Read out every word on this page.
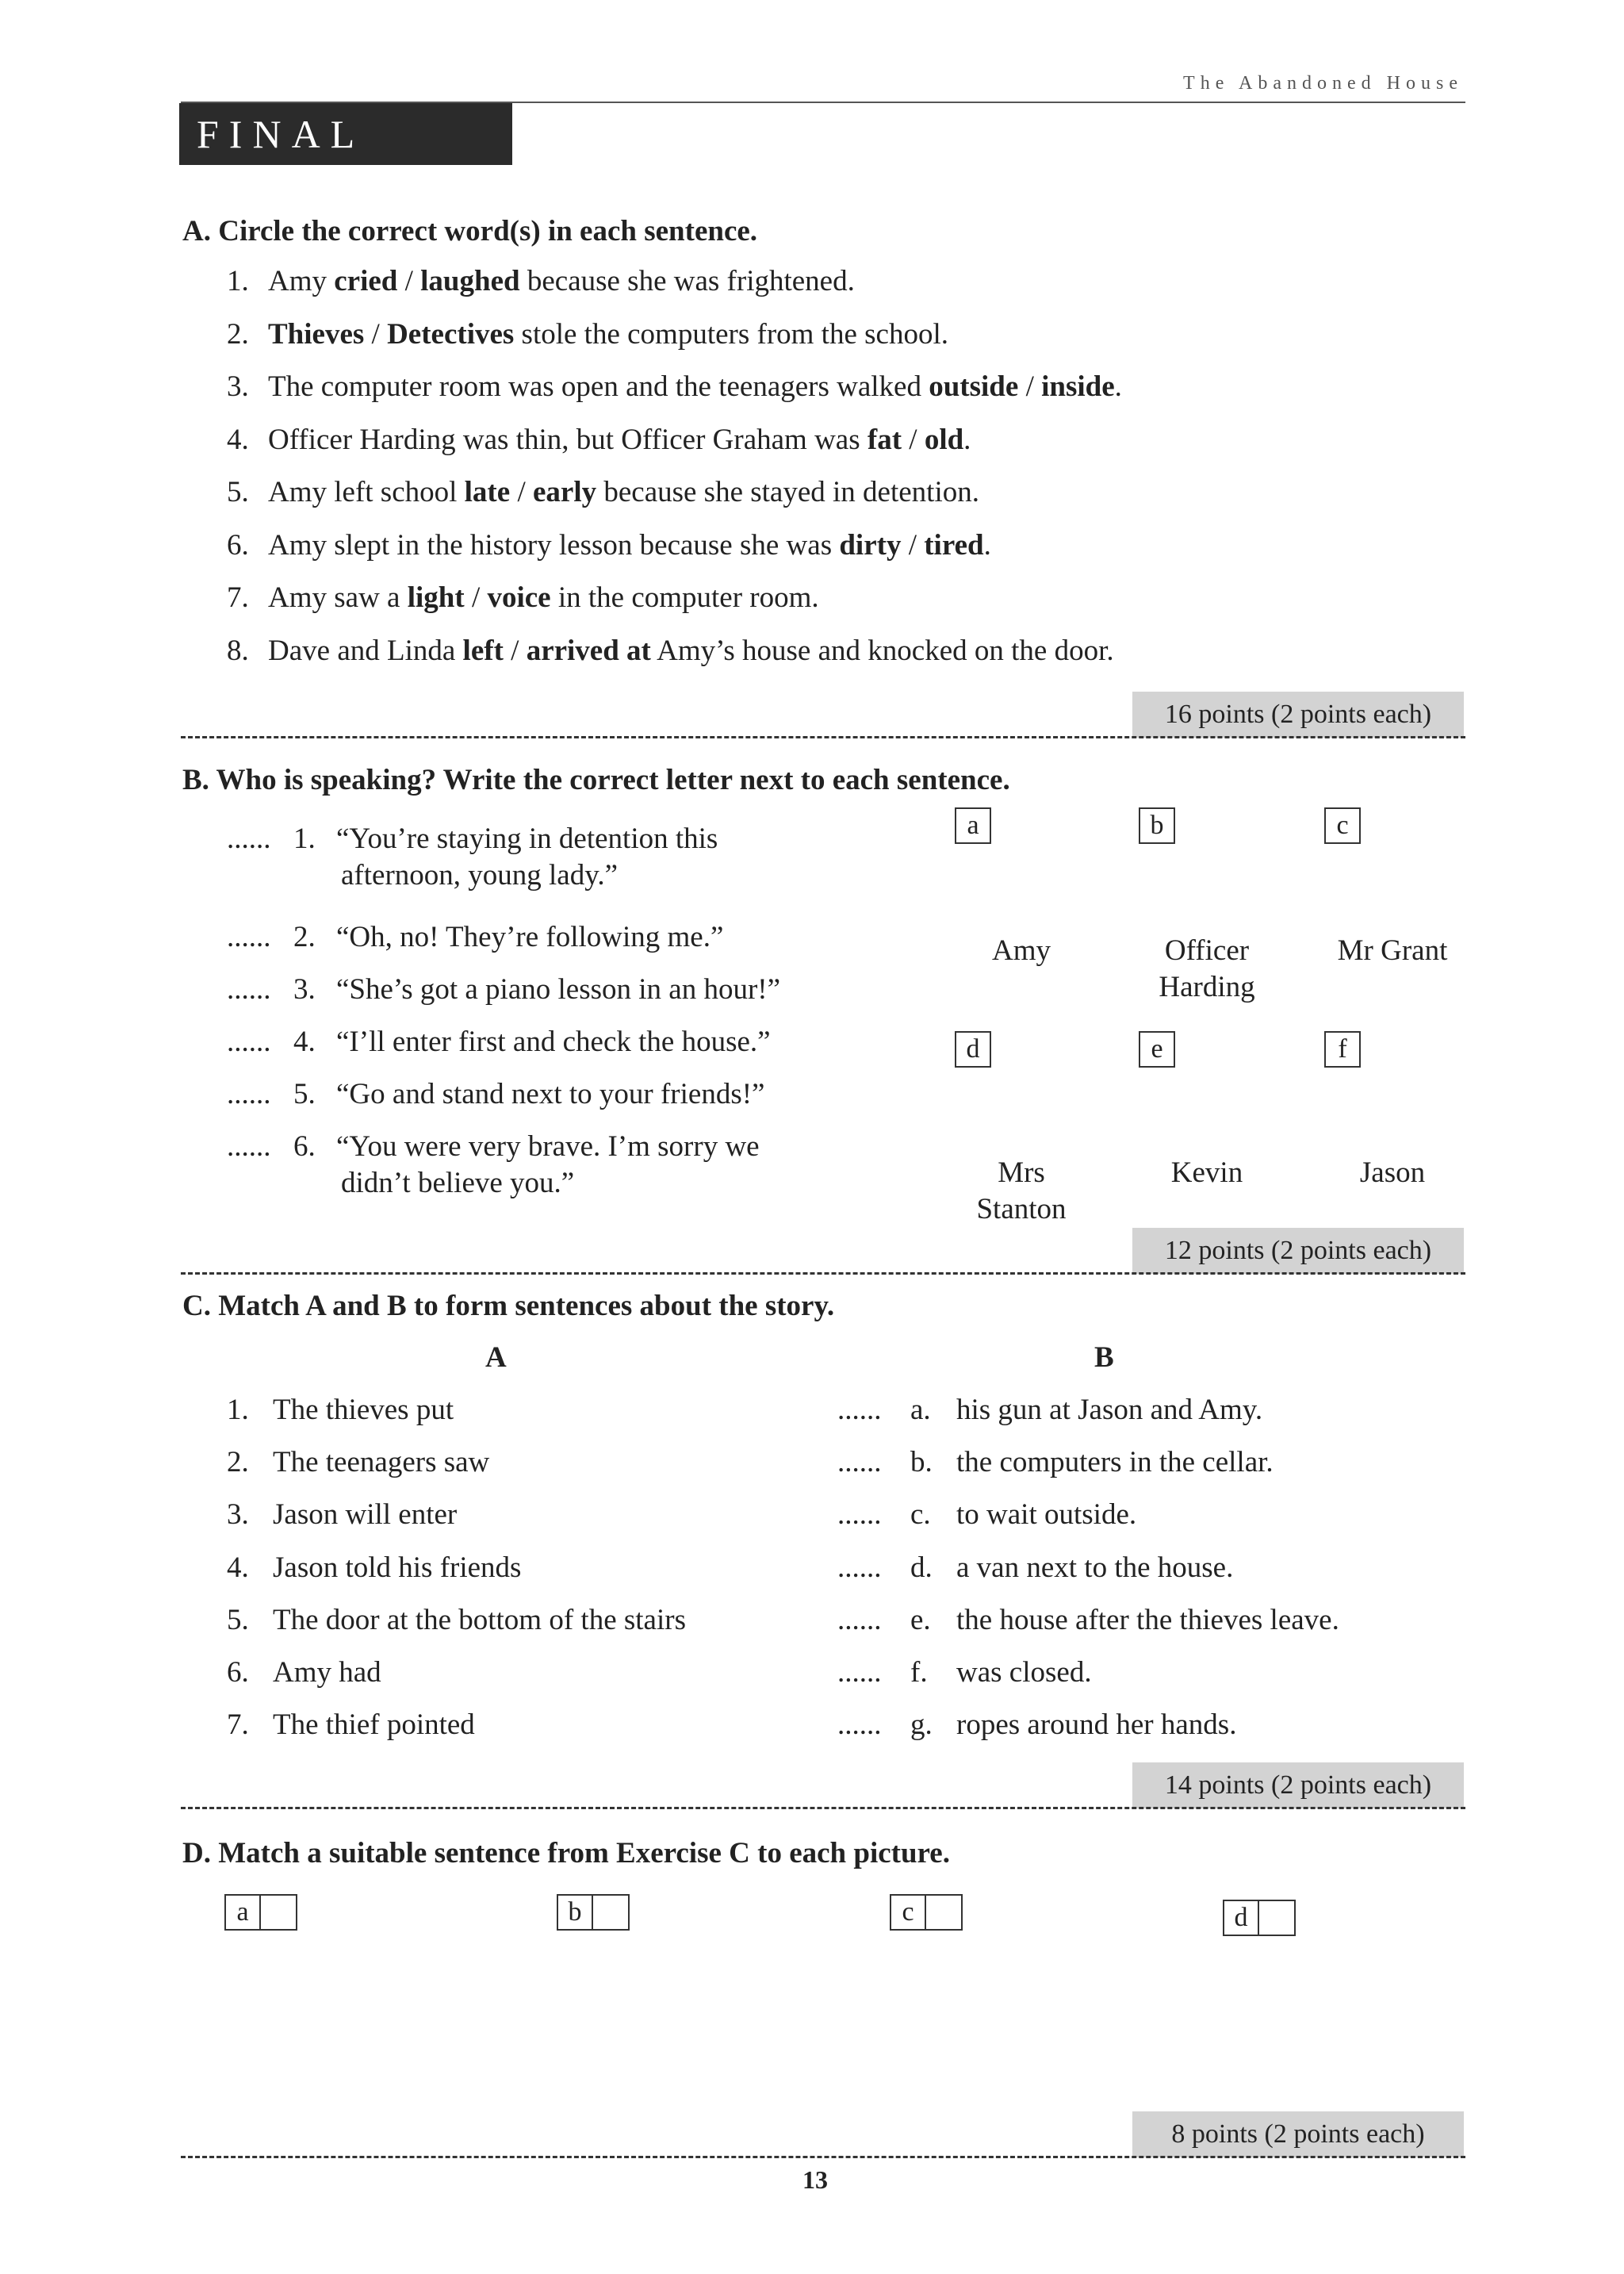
The Abandoned House
FINAL TEST
A. Circle the correct word(s) in each sentence.
1. Amy cried / laughed because she was frightened.
2. Thieves / Detectives stole the computers from the school.
3. The computer room was open and the teenagers walked outside / inside.
4. Officer Harding was thin, but Officer Graham was fat / old.
5. Amy left school late / early because she stayed in detention.
6. Amy slept in the history lesson because she was dirty / tired.
7. Amy saw a light / voice in the computer room.
8. Dave and Linda left / arrived at Amy’s house and knocked on the door.
16 points (2 points each)
B. Who is speaking? Write the correct letter next to each sentence.
...... 1. “You’re staying in detention this
afternoon, young lady.”
...... 2. “Oh, no! They’re following me.”
...... 3. “She’s got a piano lesson in an hour!”
...... 4. “I’ll enter first and check the house.”
...... 5. “Go and stand next to your friends!”
...... 6. “You were very brave. I’m sorry we
didn’t believe you.”
a
Amy
b
Officer
Harding
c
Mr Grant
d
Mrs
Stanton
e
Kevin
f
Jason
12 points (2 points each)
C. Match A and B to form sentences about the story.
A	B
1. The thieves put	...... a. his gun at Jason and Amy.
2. The teenagers saw	...... b. the computers in the cellar.
3. Jason will enter	...... c. to wait outside.
4. Jason told his friends	...... d. a van next to the house.
5. The door at the bottom of the stairs	...... e. the house after the thieves leave.
6. Amy had	...... f. was closed.
7. The thief pointed	...... g. ropes around her hands.
14 points (2 points each)
D. Match a suitable sentence from Exercise C to each picture.
a	b	c	d
8 points (2 points each)
13
